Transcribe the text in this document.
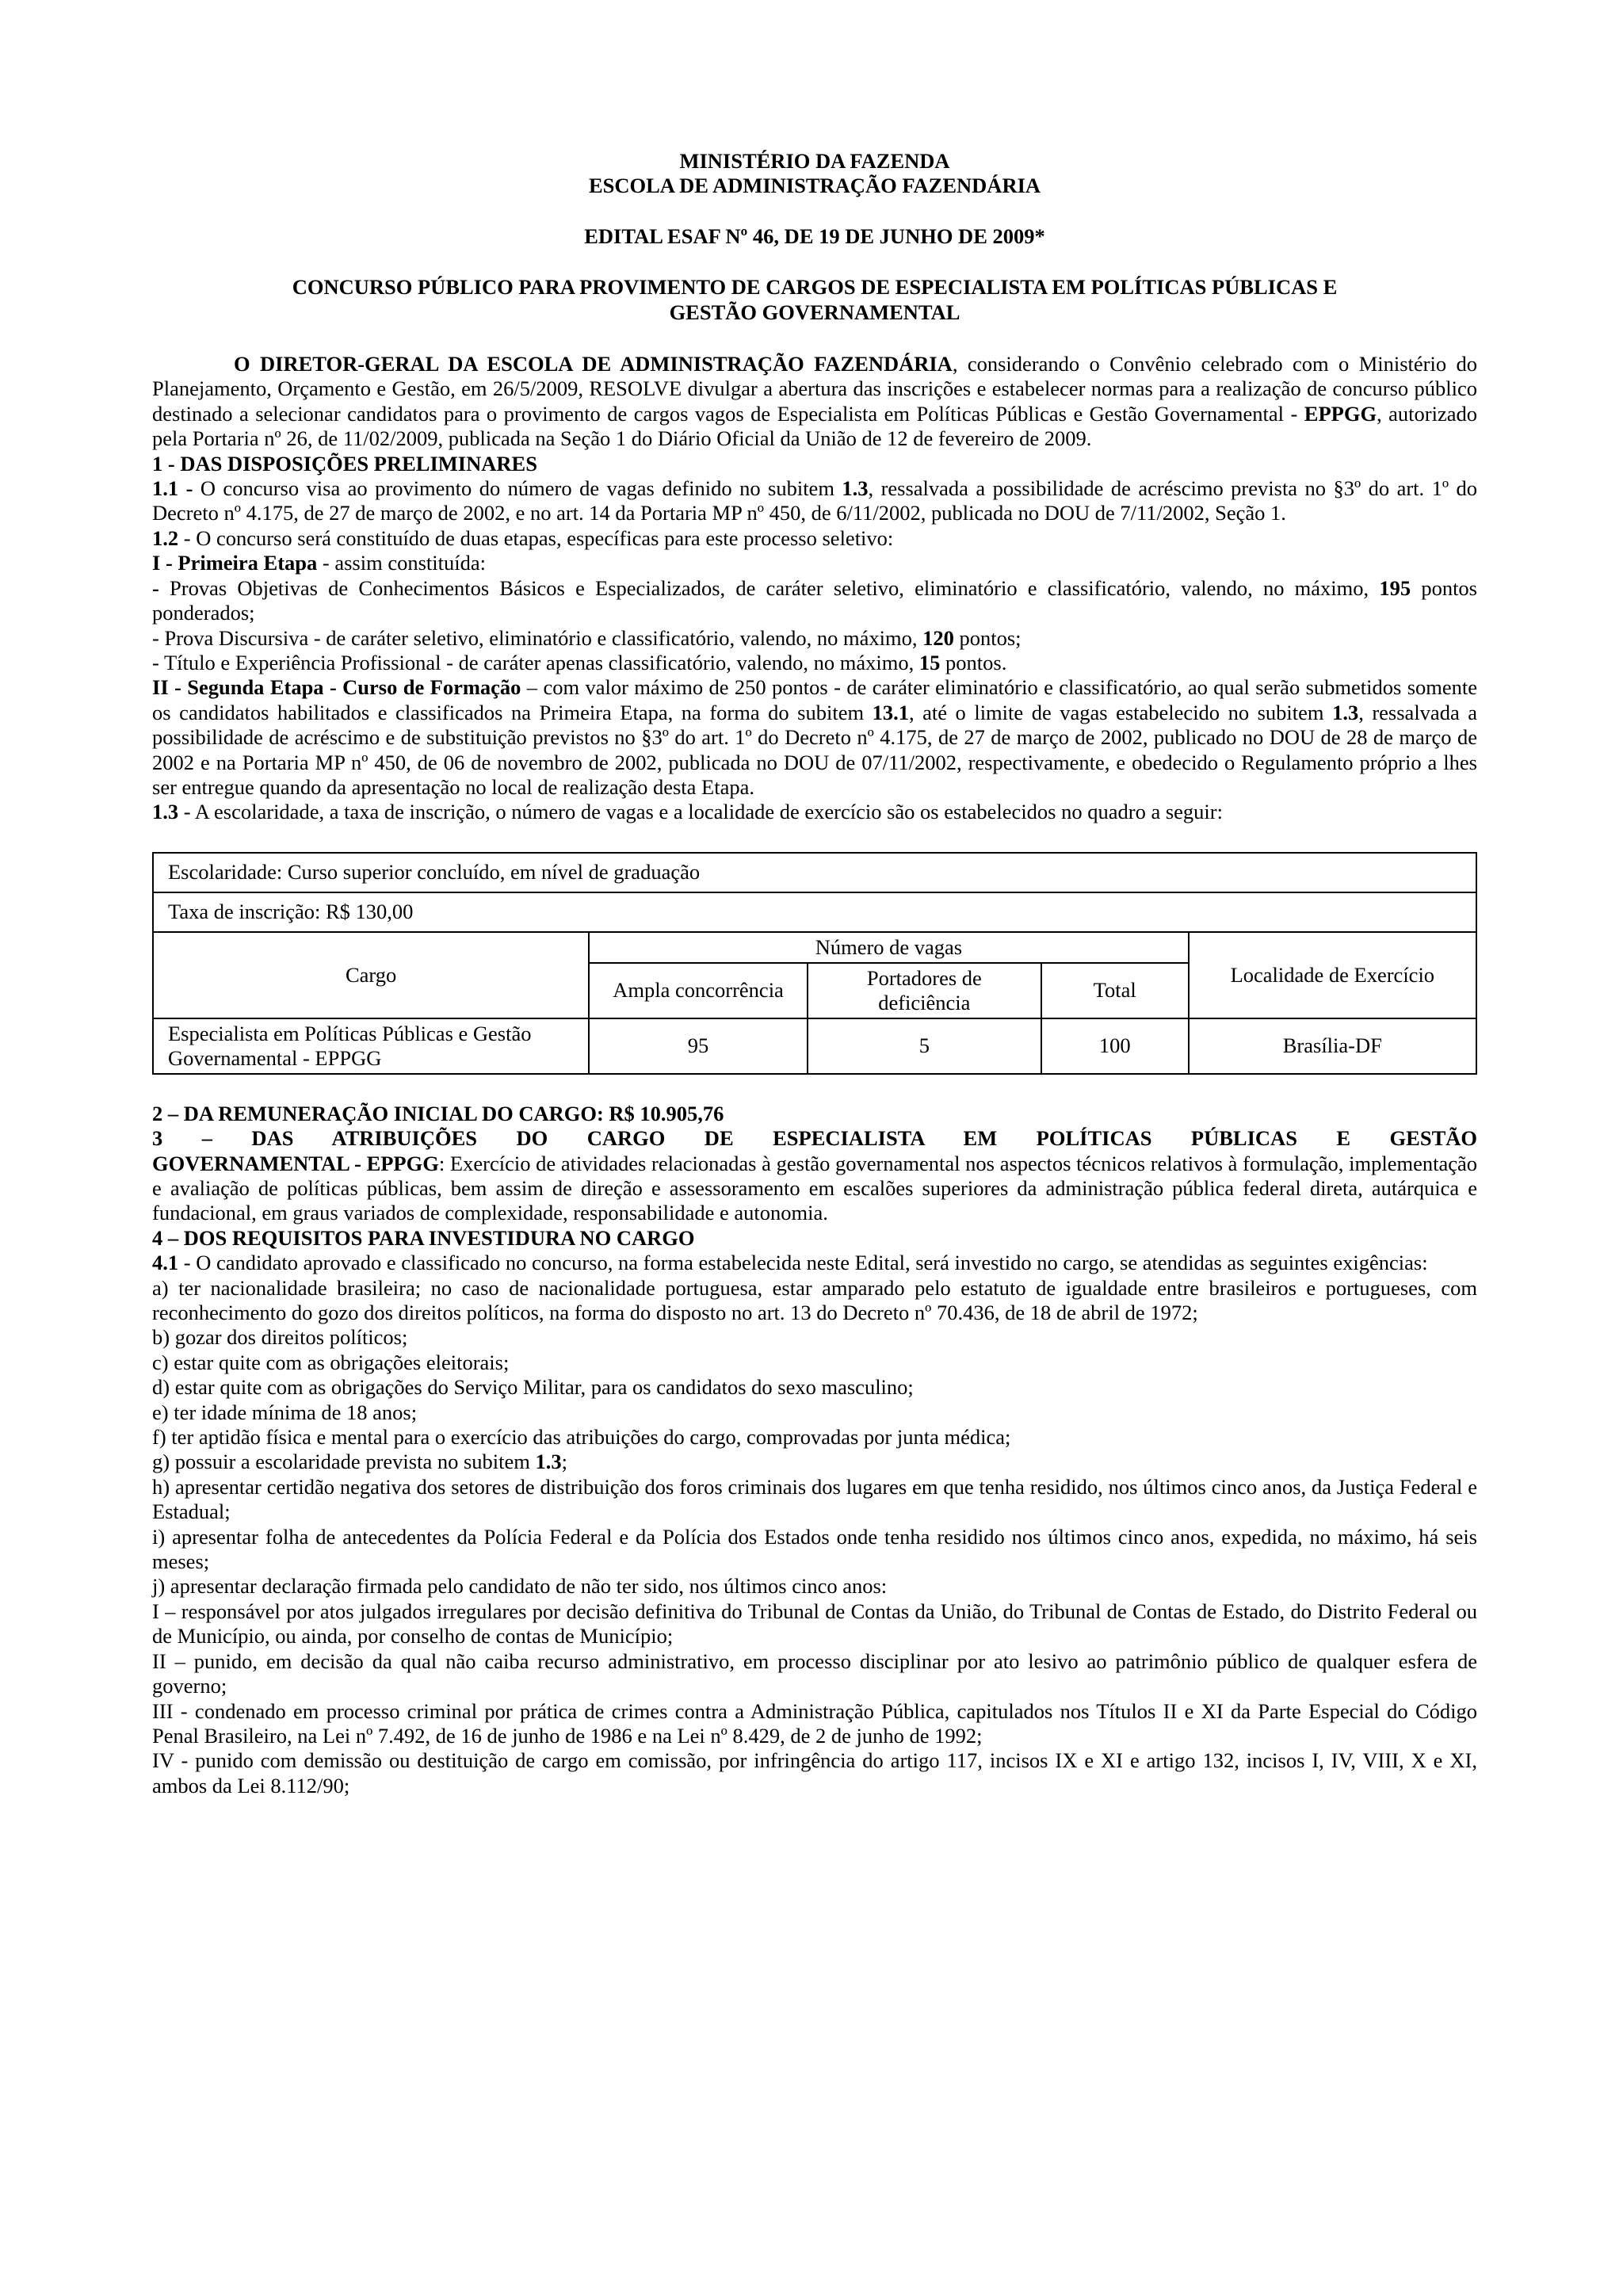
MINISTÉRIO DA FAZENDA
ESCOLA DE ADMINISTRAÇÃO FAZENDÁRIA
EDITAL ESAF Nº 46, DE 19 DE JUNHO DE 2009*
CONCURSO PÚBLICO PARA PROVIMENTO DE CARGOS DE ESPECIALISTA EM POLÍTICAS PÚBLICAS E
GESTÃO GOVERNAMENTAL

O DIRETOR-GERAL DA ESCOLA DE ADMINISTRAÇÃO FAZENDÁRIA, considerando o Convênio celebrado com o Ministério do Planejamento, Orçamento e Gestão, em 26/5/2009, RESOLVE divulgar a abertura das inscrições e estabelecer normas para a realização de concurso público destinado a selecionar candidatos para o provimento de cargos vagos de Especialista em Políticas Públicas e Gestão Governamental - EPPGG, autorizado pela Portaria nº 26, de 11/02/2009, publicada na Seção 1 do Diário Oficial da União de 12 de fevereiro de 2009.

1 - DAS DISPOSIÇÕES PRELIMINARES

1.1 - O concurso visa ao provimento do número de vagas definido no subitem 1.3, ressalvada a possibilidade de acréscimo prevista no §3º do art. 1º do Decreto nº 4.175, de 27 de março de 2002, e no art. 14 da Portaria MP nº 450, de 6/11/2002, publicada no DOU de 7/11/2002, Seção 1.

1.2 - O concurso será constituído de duas etapas, específicas para este processo seletivo:

I - Primeira Etapa - assim constituída:

- Provas Objetivas de Conhecimentos Básicos e Especializados, de caráter seletivo, eliminatório e classificatório, valendo, no máximo, 195 pontos ponderados;

- Prova Discursiva - de caráter seletivo, eliminatório e classificatório, valendo, no máximo, 120 pontos;

- Título e Experiência Profissional - de caráter apenas classificatório, valendo, no máximo, 15 pontos.

II - Segunda Etapa - Curso de Formação – com valor máximo de 250 pontos - de caráter eliminatório e classificatório, ao qual serão submetidos somente os candidatos habilitados e classificados na Primeira Etapa, na forma do subitem 13.1, até o limite de vagas estabelecido no subitem 1.3, ressalvada a possibilidade de acréscimo e de substituição previstos no §3º do art. 1º do Decreto nº 4.175, de 27 de março de 2002, publicado no DOU de 28 de março de 2002 e na Portaria MP nº 450, de 06 de novembro de 2002, publicada no DOU de 07/11/2002, respectivamente, e obedecido o Regulamento próprio a lhes ser entregue quando da apresentação no local de realização desta Etapa.

1.3 - A escolaridade, a taxa de inscrição, o número de vagas e a localidade de exercício são os estabelecidos no quadro a seguir:

Escolaridade: Curso superior concluído, em nível de graduação				
Taxa de inscrição: R$ 130,00				
Cargo	Número de vagas			Localidade de Exercício
	Ampla concorrência	Portadores de deficiência	Total	
Especialista em Políticas Públicas e Gestão Governamental - EPPGG	95	5	100	Brasília-DF
2 – DA REMUNERAÇÃO INICIAL DO CARGO: R$ 10.905,76
3 – DAS ATRIBUIÇÕES DO CARGO DE ESPECIALISTA EM POLÍTICAS PÚBLICAS E GESTÃO

GOVERNAMENTAL - EPPGG: Exercício de atividades relacionadas à gestão governamental nos aspectos técnicos relativos à formulação, implementação e avaliação de políticas públicas, bem assim de direção e assessoramento em escalões superiores da administração pública federal direta, autárquica e fundacional, em graus variados de complexidade, responsabilidade e autonomia.

4 – DOS REQUISITOS PARA INVESTIDURA NO CARGO

4.1 - O candidato aprovado e classificado no concurso, na forma estabelecida neste Edital, será investido no cargo, se atendidas as seguintes exigências:

a) ter nacionalidade brasileira; no caso de nacionalidade portuguesa, estar amparado pelo estatuto de igualdade entre brasileiros e portugueses, com reconhecimento do gozo dos direitos políticos, na forma do disposto no art. 13 do Decreto nº 70.436, de 18 de abril de 1972;

b) gozar dos direitos políticos;

c) estar quite com as obrigações eleitorais;

d) estar quite com as obrigações do Serviço Militar, para os candidatos do sexo masculino;

e) ter idade mínima de 18 anos;

f) ter aptidão física e mental para o exercício das atribuições do cargo, comprovadas por junta médica;

g) possuir a escolaridade prevista no subitem 1.3;

h) apresentar certidão negativa dos setores de distribuição dos foros criminais dos lugares em que tenha residido, nos últimos cinco anos, da Justiça Federal e Estadual;

i) apresentar folha de antecedentes da Polícia Federal e da Polícia dos Estados onde tenha residido nos últimos cinco anos, expedida, no máximo, há seis meses;

j) apresentar declaração firmada pelo candidato de não ter sido, nos últimos cinco anos:

I – responsável por atos julgados irregulares por decisão definitiva do Tribunal de Contas da União, do Tribunal de Contas de Estado, do Distrito Federal ou de Município, ou ainda, por conselho de contas de Município;

II – punido, em decisão da qual não caiba recurso administrativo, em processo disciplinar por ato lesivo ao patrimônio público de qualquer esfera de governo;

III - condenado em processo criminal por prática de crimes contra a Administração Pública, capitulados nos Títulos II e XI da Parte Especial do Código Penal Brasileiro, na Lei nº 7.492, de 16 de junho de 1986 e na Lei nº 8.429, de 2 de junho de 1992;

IV - punido com demissão ou destituição de cargo em comissão, por infringência do artigo 117, incisos IX e XI e artigo 132, incisos I, IV, VIII, X e XI, ambos da Lei 8.112/90;
